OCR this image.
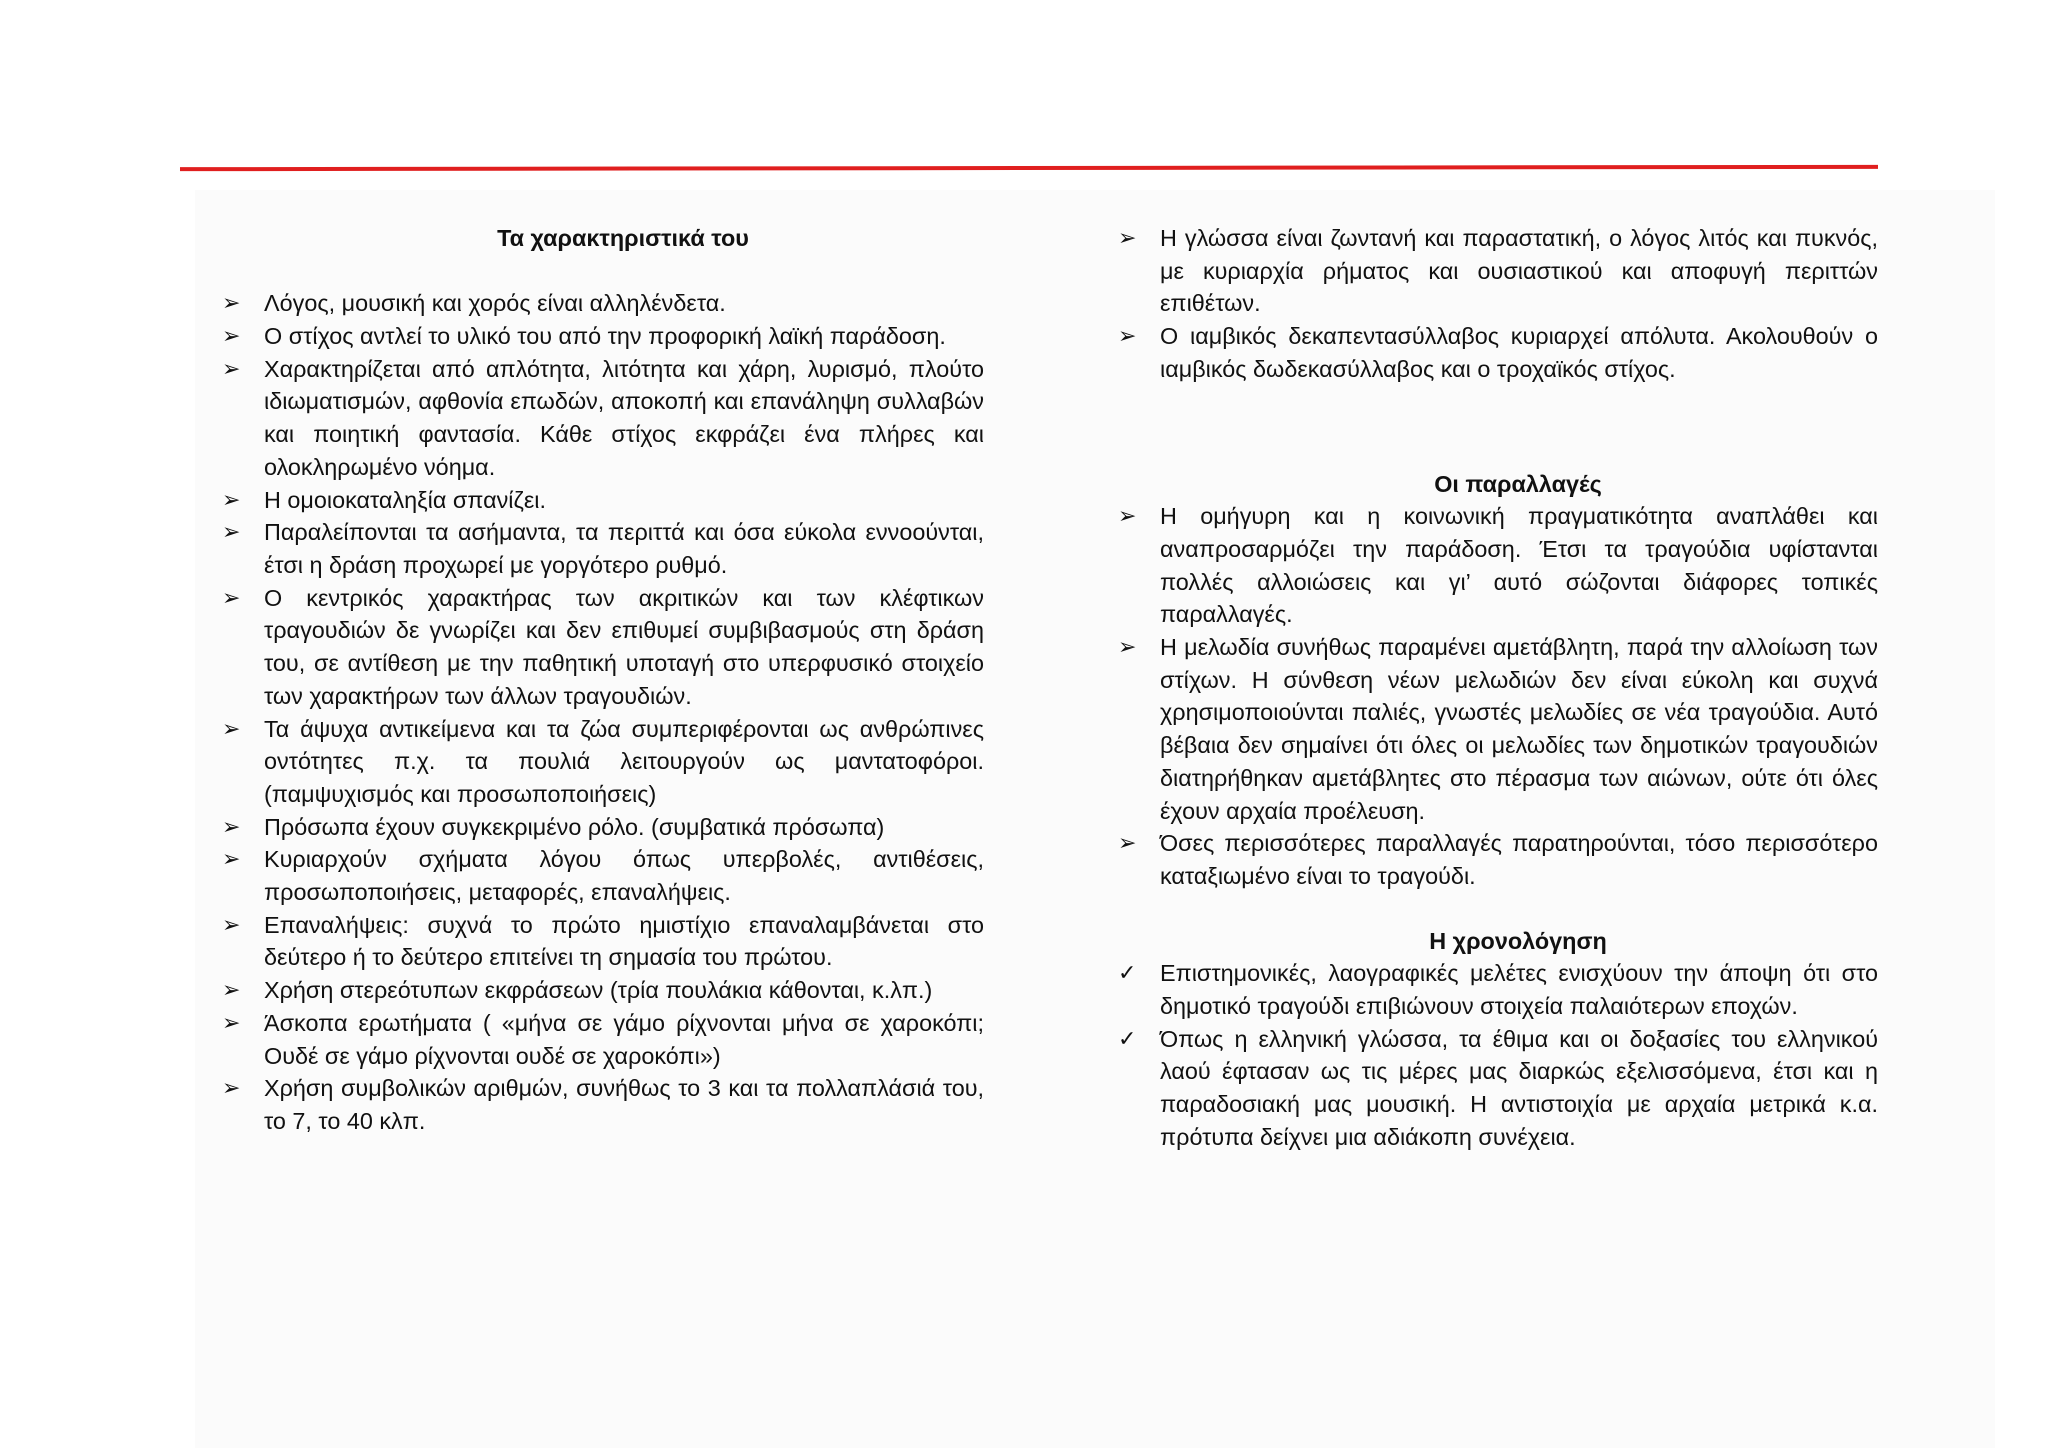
Τα χαρακτηριστικά του

➢	Λόγος, μουσική και χορός είναι αλληλένδετα.
➢	Ο στίχος αντλεί το υλικό του από την προφορική λαϊκή παράδοση.
➢	Χαρακτηρίζεται από απλότητα, λιτότητα και χάρη, λυρισμό, πλούτο ιδιωματισμών, αφθονία επωδών, αποκοπή και επανάληψη συλλαβών και ποιητική φαντασία. Κάθε στίχος εκφράζει ένα πλήρες και ολοκληρωμένο νόημα.
➢	Η ομοιοκαταληξία σπανίζει.
➢	Παραλείπονται τα ασήμαντα, τα περιττά και όσα εύκολα εννοούνται, έτσι η δράση προχωρεί με γοργότερο ρυθμό.
➢	Ο κεντρικός χαρακτήρας των ακριτικών και των κλέφτικων τραγουδιών δε γνωρίζει και δεν επιθυμεί συμβιβασμούς στη δράση του, σε αντίθεση με την παθητική υποταγή στο υπερφυσικό στοιχείο των χαρακτήρων των άλλων τραγουδιών.
➢	Τα άψυχα αντικείμενα και τα ζώα συμπεριφέρονται ως ανθρώπινες οντότητες π.χ. τα πουλιά λειτουργούν ως μαντατοφόροι. (παμψυχισμός και προσωποποιήσεις)
➢	Πρόσωπα έχουν συγκεκριμένο ρόλο. (συμβατικά πρόσωπα)
➢	Κυριαρχούν σχήματα λόγου όπως υπερβολές, αντιθέσεις, προσωποποιήσεις, μεταφορές, επαναλήψεις.
➢	Επαναλήψεις: συχνά το πρώτο ημιστίχιο επαναλαμβάνεται στο δεύτερο ή το δεύτερο επιτείνει τη σημασία του πρώτου.
➢	Χρήση στερεότυπων εκφράσεων (τρία πουλάκια κάθονται, κ.λπ.)
➢	Άσκοπα ερωτήματα ( «μήνα σε γάμο ρίχνονται μήνα σε χαροκόπι; Ουδέ σε γάμο ρίχνονται ουδέ σε χαροκόπι»)
➢	Χρήση συμβολικών αριθμών, συνήθως το 3 και τα πολλαπλάσιά του, το 7, το 40 κλπ.
➢	Η γλώσσα είναι ζωντανή και παραστατική, ο λόγος λιτός και πυκνός, με κυριαρχία ρήματος και ουσιαστικού και αποφυγή περιττών επιθέτων.
➢	Ο ιαμβικός δεκαπεντασύλλαβος κυριαρχεί απόλυτα. Ακολουθούν ο ιαμβικός δωδεκασύλλαβος και ο τροχαϊκός στίχος.

Οι παραλλαγές

➢	Η ομήγυρη και η κοινωνική πραγματικότητα αναπλάθει και αναπροσαρμόζει την παράδοση. Έτσι τα τραγούδια υφίστανται πολλές αλλοιώσεις και γι’ αυτό σώζονται διάφορες τοπικές παραλλαγές.
➢	Η μελωδία συνήθως παραμένει αμετάβλητη, παρά την αλλοίωση των στίχων. Η σύνθεση νέων μελωδιών δεν είναι εύκολη και συχνά χρησιμοποιούνται παλιές, γνωστές μελωδίες σε νέα τραγούδια. Αυτό βέβαια δεν σημαίνει ότι όλες οι μελωδίες των δημοτικών τραγουδιών διατηρήθηκαν αμετάβλητες στο πέρασμα των αιώνων, ούτε ότι όλες έχουν αρχαία προέλευση.
➢	Όσες περισσότερες παραλλαγές παρατηρούνται, τόσο περισσότερο καταξιωμένο είναι το τραγούδι.

Η χρονολόγηση

✓	Επιστημονικές, λαογραφικές μελέτες ενισχύουν την άποψη ότι στο δημοτικό τραγούδι επιβιώνουν στοιχεία παλαιότερων εποχών.
✓	Όπως η ελληνική γλώσσα, τα έθιμα και οι δοξασίες του ελληνικού λαού έφτασαν ως τις μέρες μας διαρκώς εξελισσόμενα, έτσι και η παραδοσιακή μας μουσική. Η αντιστοιχία με αρχαία μετρικά κ.α. πρότυπα δείχνει μια αδιάκοπη συνέχεια.
